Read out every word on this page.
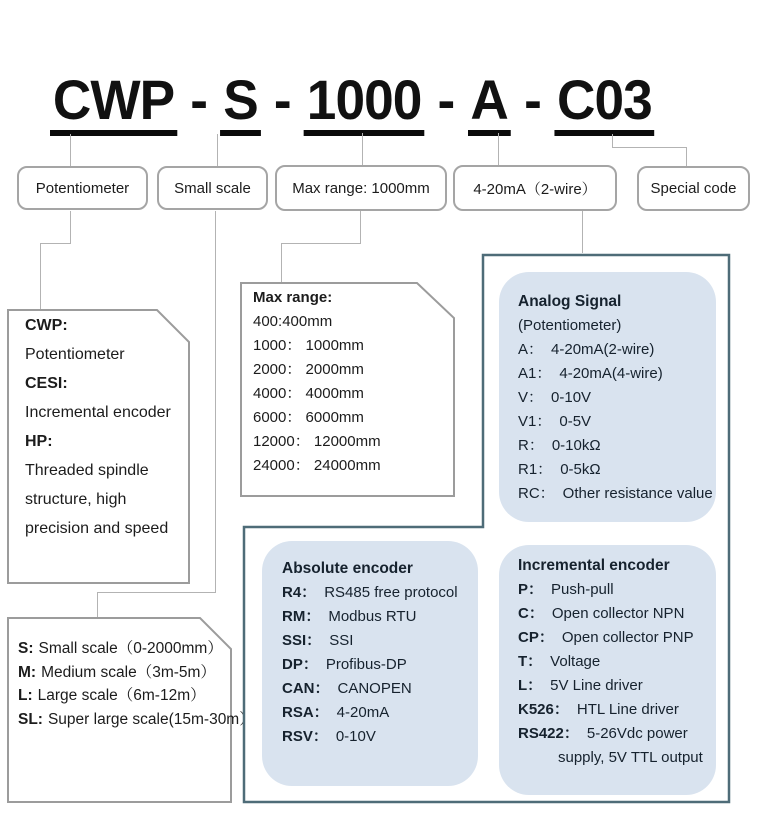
CWP - S - 1000 - A - C03
Potentiometer	Small scale	Max range: 1000mm	4-20mA（2-wire）	Special code
CWP:
Potentiometer
CESI:
Incremental encoder
HP:
Threaded spindle
structure, high
precision and speed
Max range:
400:400mm
1000： 1000mm
2000： 2000mm
4000： 4000mm
6000： 6000mm
12000： 12000mm
24000： 24000mm
S: Small scale（0-2000mm）
M: Medium scale（3m-5m）
L: Large scale（6m-12m）
SL: Super large scale(15m-30m）
Analog Signal
(Potentiometer)
A： 4-20mA(2-wire)
A1： 4-20mA(4-wire)
V： 0-10V
V1： 0-5V
R： 0-10kΩ
R1： 0-5kΩ
RC： Other resistance value
Absolute encoder
R4： RS485 free protocol
RM： Modbus RTU
SSI： SSI
DP： Profibus-DP
CAN： CANOPEN
RSA： 4-20mA
RSV： 0-10V
Incremental encoder
P： Push-pull
C： Open collector NPN
CP： Open collector PNP
T： Voltage
L： 5V Line driver
K526： HTL Line driver
RS422： 5-26Vdc power
supply, 5V TTL output
